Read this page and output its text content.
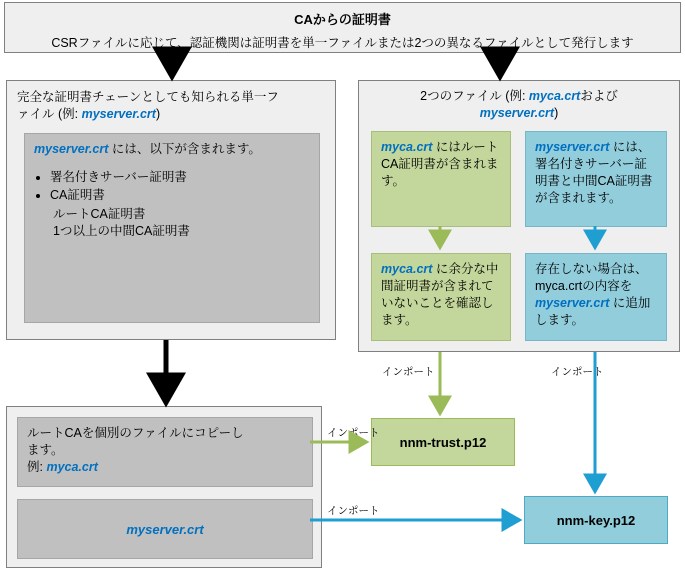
CAからの証明書
CSRファイルに応じて、認証機関は証明書を単一ファイルまたは2つの異なるファイルとして発行します
完全な証明書チェーンとしても知られる単一フ
ァイル (例: myserver.crt)
myserver.crt には、以下が含まれます。
• 署名付きサーバー証明書
• CA証明書
ルートCA証明書
1つ以上の中間CA証明書
2つのファイル (例: myca.crtおよび
myserver.crt)
myca.crt にはルートCA証明書が含まれます。
myserver.crt には、署名付きサーバー証明書と中間CA証明書が含まれます。
myca.crt に余分な中間証明書が含まれていないことを確認します。
存在しない場合は、myca.crtの内容をmyserver.crt に追加します。
ルートCAを個別のファイルにコピーし
ます。
例: myca.crt
myserver.crt
nnm-trust.p12
nnm-key.p12
インポート	インポート
インポート
インポート
